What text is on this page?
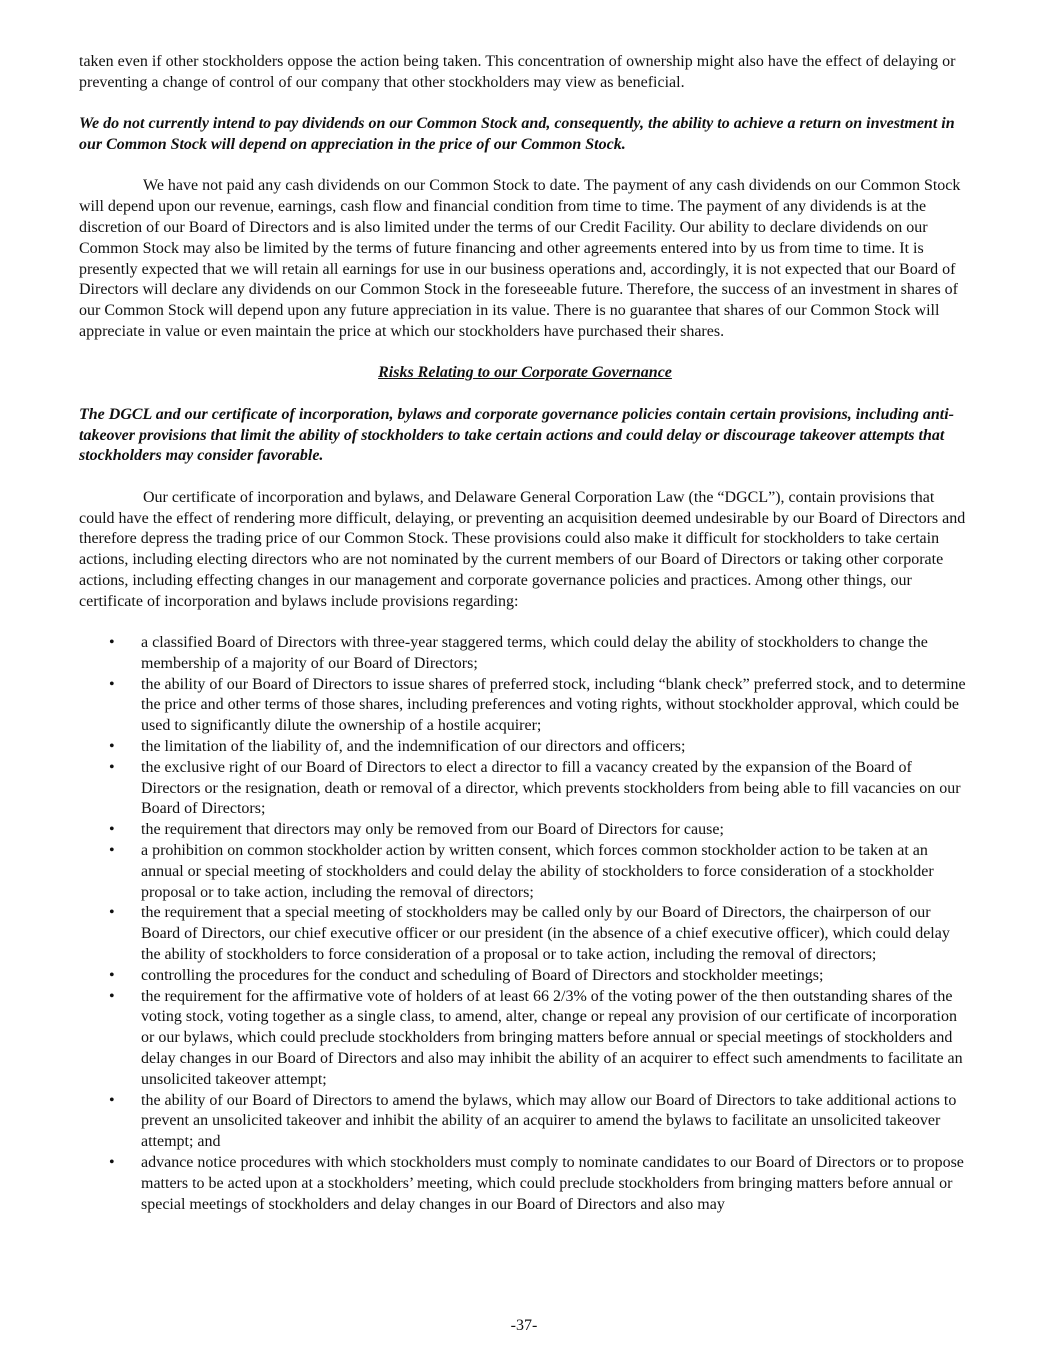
taken even if other stockholders oppose the action being taken. This concentration of ownership might also have the effect of delaying or preventing a change of control of our company that other stockholders may view as beneficial.

We do not currently intend to pay dividends on our Common Stock and, consequently, the ability to achieve a return on investment in our Common Stock will depend on appreciation in the price of our Common Stock.

We have not paid any cash dividends on our Common Stock to date. The payment of any cash dividends on our Common Stock will depend upon our revenue, earnings, cash flow and financial condition from time to time. The payment of any dividends is at the discretion of our Board of Directors and is also limited under the terms of our Credit Facility. Our ability to declare dividends on our Common Stock may also be limited by the terms of future financing and other agreements entered into by us from time to time. It is presently expected that we will retain all earnings for use in our business operations and, accordingly, it is not expected that our Board of Directors will declare any dividends on our Common Stock in the foreseeable future. Therefore, the success of an investment in shares of our Common Stock will depend upon any future appreciation in its value. There is no guarantee that shares of our Common Stock will appreciate in value or even maintain the price at which our stockholders have purchased their shares.

Risks Relating to our Corporate Governance

The DGCL and our certificate of incorporation, bylaws and corporate governance policies contain certain provisions, including anti-takeover provisions that limit the ability of stockholders to take certain actions and could delay or discourage takeover attempts that stockholders may consider favorable.

Our certificate of incorporation and bylaws, and Delaware General Corporation Law (the “DGCL”), contain provisions that could have the effect of rendering more difficult, delaying, or preventing an acquisition deemed undesirable by our Board of Directors and therefore depress the trading price of our Common Stock. These provisions could also make it difficult for stockholders to take certain actions, including electing directors who are not nominated by the current members of our Board of Directors or taking other corporate actions, including effecting changes in our management and corporate governance policies and practices. Among other things, our certificate of incorporation and bylaws include provisions regarding:

• a classified Board of Directors with three-year staggered terms, which could delay the ability of stockholders to change the membership of a majority of our Board of Directors;
• the ability of our Board of Directors to issue shares of preferred stock, including “blank check” preferred stock, and to determine the price and other terms of those shares, including preferences and voting rights, without stockholder approval, which could be used to significantly dilute the ownership of a hostile acquirer;
• the limitation of the liability of, and the indemnification of our directors and officers;
• the exclusive right of our Board of Directors to elect a director to fill a vacancy created by the expansion of the Board of Directors or the resignation, death or removal of a director, which prevents stockholders from being able to fill vacancies on our Board of Directors;
• the requirement that directors may only be removed from our Board of Directors for cause;
• a prohibition on common stockholder action by written consent, which forces common stockholder action to be taken at an annual or special meeting of stockholders and could delay the ability of stockholders to force consideration of a stockholder proposal or to take action, including the removal of directors;
• the requirement that a special meeting of stockholders may be called only by our Board of Directors, the chairperson of our Board of Directors, our chief executive officer or our president (in the absence of a chief executive officer), which could delay the ability of stockholders to force consideration of a proposal or to take action, including the removal of directors;
• controlling the procedures for the conduct and scheduling of Board of Directors and stockholder meetings;
• the requirement for the affirmative vote of holders of at least 66 2/3% of the voting power of the then outstanding shares of the voting stock, voting together as a single class, to amend, alter, change or repeal any provision of our certificate of incorporation or our bylaws, which could preclude stockholders from bringing matters before annual or special meetings of stockholders and delay changes in our Board of Directors and also may inhibit the ability of an acquirer to effect such amendments to facilitate an unsolicited takeover attempt;
• the ability of our Board of Directors to amend the bylaws, which may allow our Board of Directors to take additional actions to prevent an unsolicited takeover and inhibit the ability of an acquirer to amend the bylaws to facilitate an unsolicited takeover attempt; and
• advance notice procedures with which stockholders must comply to nominate candidates to our Board of Directors or to propose matters to be acted upon at a stockholders’ meeting, which could preclude stockholders from bringing matters before annual or special meetings of stockholders and delay changes in our Board of Directors and also may
-37-
